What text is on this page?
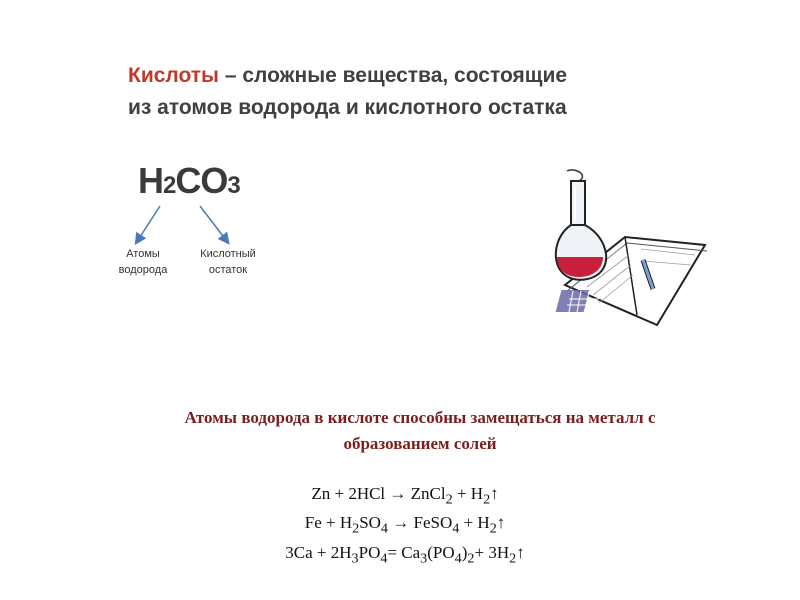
Кислоты – сложные вещества, состоящие
из атомов водорода и кислотного остатка
H2CO3
Атомы
водорода
Кислотный
остаток
Атомы водорода в кислоте способны замещаться на металл с
образованием солей
Zn + 2HCl → ZnCl$_2$ + $H_2↑$
$Fe + H_2SO_4$ → FeSO$_4$ + $H_2↑$
$3Ca + 2H_3PO_4= Ca_3(PO_4)_2+$ $3H_2↑$
